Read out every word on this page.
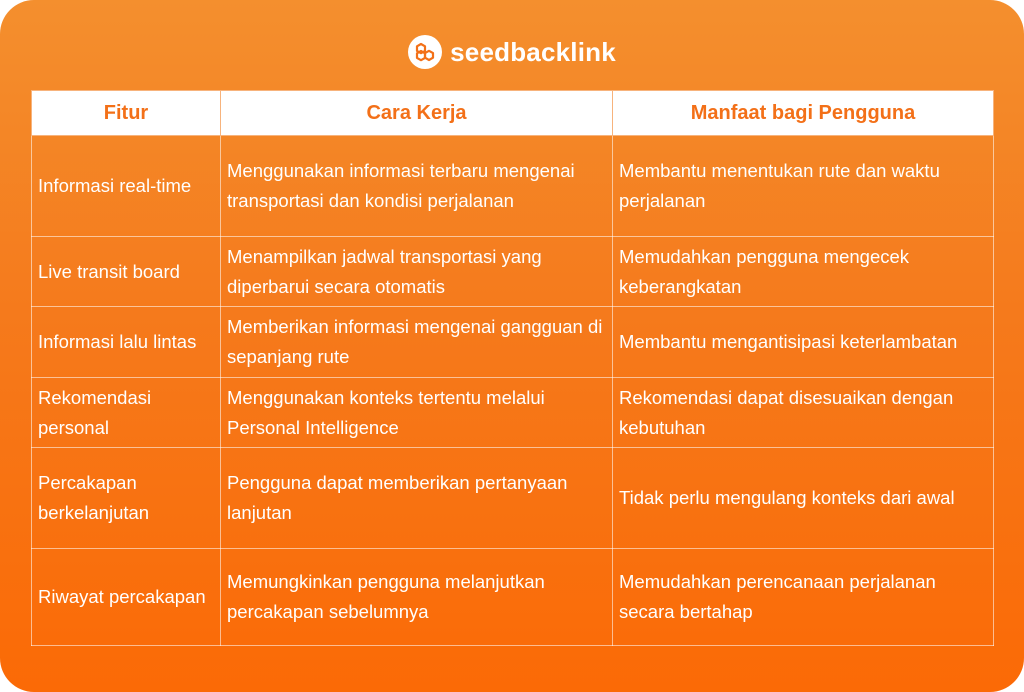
seedbacklink
Fitur	Cara Kerja	Manfaat bagi Pengguna
Informasi real-time	Menggunakan informasi terbaru mengenai transportasi dan kondisi perjalanan	Membantu menentukan rute dan waktu perjalanan
Live transit board	Menampilkan jadwal transportasi yang diperbarui secara otomatis	Memudahkan pengguna mengecek keberangkatan
Informasi lalu lintas	Memberikan informasi mengenai gangguan di sepanjang rute	Membantu mengantisipasi keterlambatan
Rekomendasi personal	Menggunakan konteks tertentu melalui Personal Intelligence	Rekomendasi dapat disesuaikan dengan kebutuhan
Percakapan berkelanjutan	Pengguna dapat memberikan pertanyaan lanjutan	Tidak perlu mengulang konteks dari awal
Riwayat percakapan	Memungkinkan pengguna melanjutkan percakapan sebelumnya	Memudahkan perencanaan perjalanan secara bertahap
